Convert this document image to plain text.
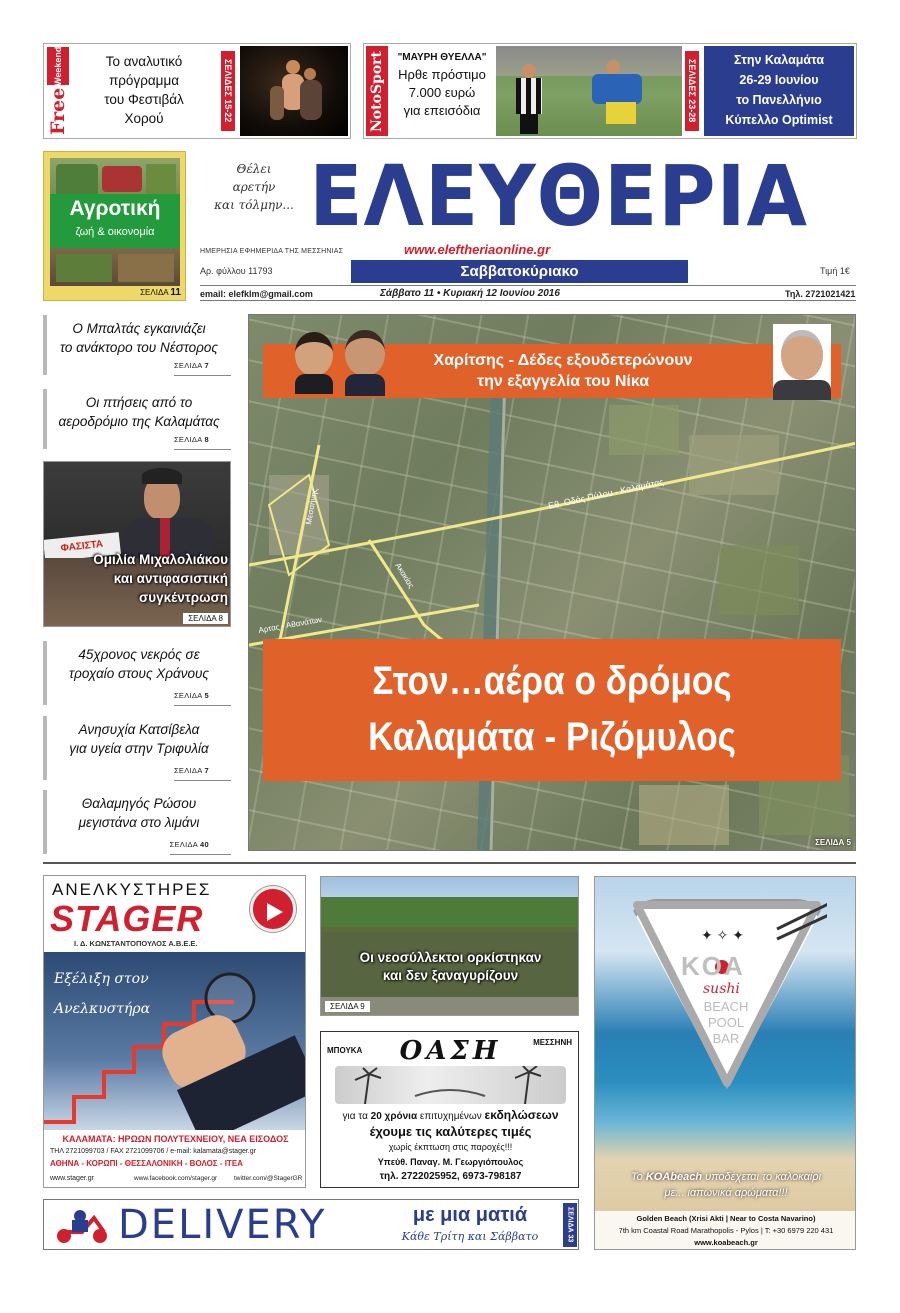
Weekend
Free
Το αναλυτικό
πρόγραμμα
του Φεστιβάλ
Χορού	ΣΕΛΙΔΕΣ 15-22	NotoSport	"ΜΑΥΡΗ ΘΥΕΛΛΑ"
Ηρθε πρόστιμο
7.000 ευρώ
για επεισόδια	ΣΕΛΙΔΕΣ 23-28	Στην Καλαμάτα
26-29 Ιουνίου
το Πανελλήνιο
Κύπελλο Optimist
Αγροτική
ζωή & οικονομία
ΣΕΛΙΔΑ 11
Θέλει
αρετήν
και τόλμην... ΕΛΕΥΘΕΡΙΑ
ΗΜΕΡΗΣΙΑ ΕΦΗΜΕΡΙΔΑ ΤΗΣ ΜΕΣΣΗΝΙΑΣ	www.eleftheriaonline.gr
Αρ. φύλλου 11793	Σαββατοκύριακο	Τιμή 1€
email: elefklm@gmail.com	Σάββατο 11 • Κυριακή 12 Ιουνίου 2016	Τηλ. 2721021421
Ο Μπαλτάς εγκαινιάζει
το ανάκτορο του Νέστορος
ΣΕΛΙΔΑ 7
Οι πτήσεις από το
αεροδρόμιο της Καλαμάτας
ΣΕΛΙΔΑ 8
ΦΑΣΙΣΤΑ
Ομιλία Μιχαλολιάκου
και αντιφασιστική
συγκέντρωση
ΣΕΛΙΔΑ 8
45χρονος νεκρός σε
τροχαίο στους Χράνους
ΣΕΛΙΔΑ 5
Ανησυχία Κατσίβελα
για υγεία στην Τριφυλία
ΣΕΛΙΔΑ 7
Θαλαμηγός Ρώσου
μεγιστάνα στο λιμάνι
ΣΕΛΙΔΑ 40
Εθ. Οδός Πύλου - Καλαμάτας
Μεσσήνης
Αρτας - Αθανάτων
Ακακίας
Χαρίτσης - Δέδες εξουδετερώνουν
την εξαγγελία του Νίκα
Στον…αέρα ο δρόμος
Καλαμάτα - Ριζόμυλος
ΣΕΛΙΔΑ 5
ΑΝΕΛΚΥΣΤΗΡΕΣ
STAGER
Ι. Δ. ΚΩΝΣΤΑΝΤΟΠΟΥΛΟΣ Α.Β.Ε.Ε.
Εξέλιξη στον
Ανελκυστήρα
ΚΑΛΑΜΑΤΑ: ΗΡΩΩΝ ΠΟΛΥΤΕΧΝΕΙΟΥ, ΝΕΑ ΕΙΣΟΔΟΣ
ΤΗΛ 2721099703 / FAX 2721099706 / e-mail: kalamata@stager.gr
ΑΘΗΝΑ - ΚΟΡΩΠΙ - ΘΕΣΣΑΛΟΝΙΚΗ - ΒΟΛΟΣ - ΙΤΕΑ
www.stager.gr	www.facebook.com/stager.gr	twitter.com/@StagerGR
Οι νεοσύλλεκτοι ορκίστηκαν
και δεν ξαναγυρίζουν
ΣΕΛΙΔΑ 9
ΜΠΟΥΚΑ
ΜΕΣΣΗΝΗ
ΟΑΣΗ
για τα 20 χρόνια επιτυχημένων εκδηλώσεων
έχουμε τις καλύτερες τιμές
χωρίς έκπτωση στις παροχές!!!
Υπεύθ. Παναγ. Μ. Γεωργιόπουλος
τηλ. 2722025952, 6973-798187
✦ ✧ ✦
KOA
sushi
BEACH
POOL
BAR
Το KOAbeach υποδέχεται το καλοκαίρι
με... ιαπωνικά αρώματα!!!
Golden Beach (Xrisi Akti | Near to Costa Navarino)
7th km Coastal Road Marathopolis - Pylos | T: +30 6979 220 431
www.koabeach.gr
DELIVERY	με μια ματιά
Κάθε Τρίτη και Σάββατο	ΣΕΛΙΔΑ 33
